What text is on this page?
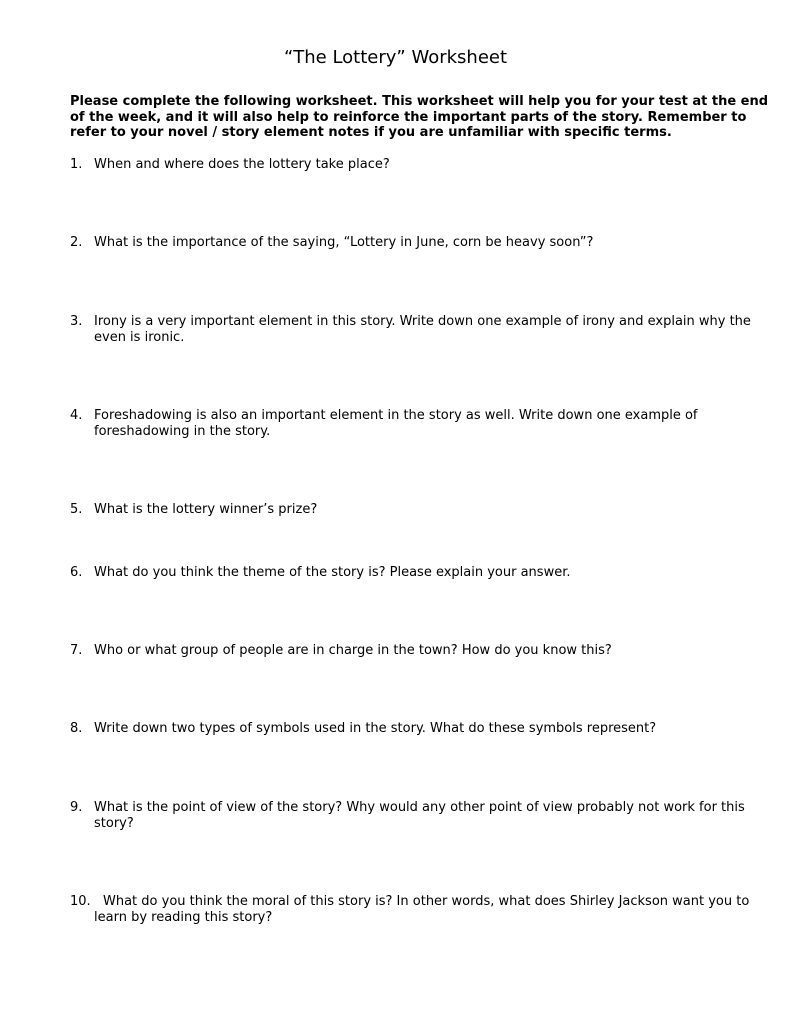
“The Lottery” Worksheet

Please complete the following worksheet. This worksheet will help you for your test at the end of the week, and it will also help to reinforce the important parts of the story. Remember to refer to your novel / story element notes if you are unfamiliar with specific terms.

1. When and where does the lottery take place?
2. What is the importance of the saying, “Lottery in June, corn be heavy soon”?
3. Irony is a very important element in this story. Write down one example of irony and explain why the even is ironic.
4. Foreshadowing is also an important element in the story as well. Write down one example of foreshadowing in the story.
5. What is the lottery winner’s prize?
6. What do you think the theme of the story is? Please explain your answer.
7. Who or what group of people are in charge in the town? How do you know this?
8. Write down two types of symbols used in the story. What do these symbols represent?
9. What is the point of view of the story? Why would any other point of view probably not work for this story?
10. What do you think the moral of this story is? In other words, what does Shirley Jackson want you to learn by reading this story?
